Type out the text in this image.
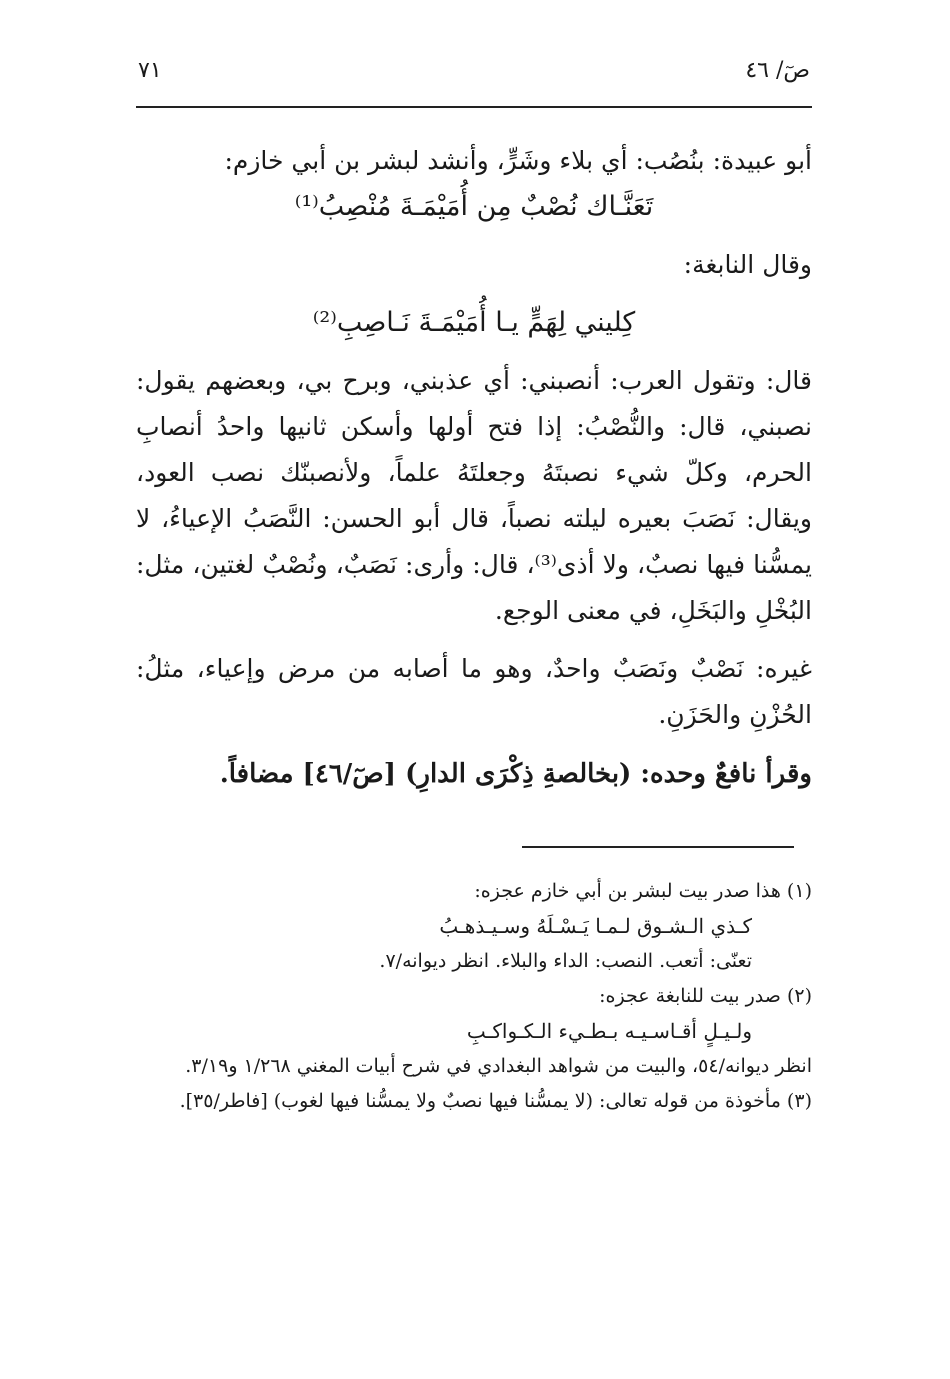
صٓ/ ٤٦
٧١

أبو عبيدة: بنُصُب: أي بلاء وشَرٍّ، وأنشد لبشر بن أبي خازم:

تَعَنَّـاك نُصْبٌ مِن أُمَيْمَـةَ مُنْصِبُ⁽¹⁾

وقال النابغة:

كِليني لِهَمٍّ يـا أُمَيْمَـةَ نَـاصِبِ⁽²⁾

قال: وتقول العرب: أنصبني: أي عذبني، وبرح بي، وبعضهم يقول: نصبني، قال: والنُّصْبُ: إذا فتح أولها وأسكن ثانيها واحدُ أنصابِ الحرم، وكلّ شيء نصبتَهُ وجعلتَهُ علماً، ولأنصبنّك نصب العود، ويقال: نَصَبَ بعيره ليلته نصباً، قال أبو الحسن: النَّصَبُ الإعياءُ، لا يمسُّنا فيها نصبٌ، ولا أذى⁽³⁾، قال: وأرى: نَصَبٌ، ونُصْبٌ لغتين، مثل: البُخْلِ والبَخَلِ، في معنى الوجع.

غيره: نَصْبٌ ونَصَبٌ واحدٌ، وهو ما أصابه من مرض وإعياء، مثلُ: الحُزْنِ والحَزَنِ.

وقرأ نافعٌ وحده: (بخالصةِ ذِكْرَى الدارِ) [صٓ/٤٦] مضافاً.

(١) هذا صدر بيت لبشر بن أبي خازم عجزه:

كـذي الـشـوق لـمـا يَـسْـلَهُ وسـيـذهـبُ

تعنّى: أتعب. النصب: الداء والبلاء. انظر ديوانه/٧.

(٢) صدر بيت للنابغة عجزه:

ولـيـلٍ أقـاسـيـه بـطـيء الـكـواكـبِ

انظر ديوانه/٥٤، والبيت من شواهد البغدادي في شرح أبيات المغني ١/٢٦٨ و٣/١٩.

(٣) مأخوذة من قوله تعالى: (لا يمسُّنا فيها نصبٌ ولا يمسُّنا فيها لغوب) [فاطر/٣٥].
